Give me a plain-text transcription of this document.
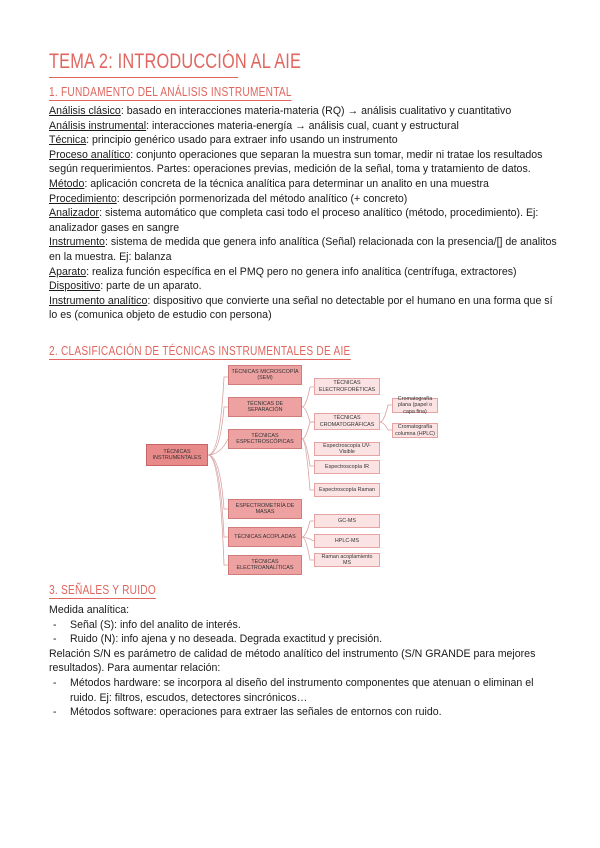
TEMA 2: INTRODUCCIÓN AL AIE
1. FUNDAMENTO DEL ANÁLISIS INSTRUMENTAL

Análisis clásico: basado en interacciones materia-materia (RQ) → análisis cualitativo y cuantitativo

Análisis instrumental: interacciones materia-energía → análisis cual, cuant y estructural

Técnica: principio genérico usado para extraer info usando un instrumento

Proceso analítico: conjunto operaciones que separan la muestra sun tomar, medir ni tratae los resultados según requerimientos. Partes: operaciones previas, medición de la señal, toma y tratamiento de datos.

Método: aplicación concreta de la técnica analítica para determinar un analito en una muestra

Procedimiento: descripción pormenorizada del método analítico (+ concreto)

Analizador: sistema automático que completa casi todo el proceso analítico (método, procedimiento). Ej: analizador gases en sangre

Instrumento: sistema de medida que genera info analítica (Señal) relacionada con la presencia/[] de analitos en la muestra. Ej: balanza

Aparato: realiza función específica en el PMQ pero no genera info analítica (centrífuga, extractores)

Dispositivo: parte de un aparato.

Instrumento analítico: dispositivo que convierte una señal no detectable por el humano en una forma que sí lo es (comunica objeto de estudio con persona)

2. CLASIFICACIÓN DE TÉCNICAS INSTRUMENTALES DE AIE
TÉCNICAS INSTRUMENTALES
TÉCNICAS MICROSCOPÍA (SEM)
TÉCNICAS DE SEPARACIÓN
TÉCNICAS ESPECTROSCÓPICAS
ESPECTROMETRÍA DE MASAS
TÉCNICAS ACOPLADAS
TÉCNICAS ELECTROANALÍTICAS
TÉCNICAS ELECTROFORÉTICAS
TÉCNICAS CROMATOGRÁFICAS
Cromatografía plana (papel o capa fina)
Cromatografía columna (HPLC)
Espectroscopía UV-Visible
Espectroscopía IR
Espectroscopía Raman
GC-MS
HPLC-MS
Raman acoplamiento MS
3. SEÑALES Y RUIDO

Medida analítica:

- Señal (S): info del analito de interés.
- Ruido (N): info ajena y no deseada. Degrada exactitud y precisión.

Relación S/N es parámetro de calidad de método analítico del instrumento (S/N GRANDE para mejores resultados). Para aumentar relación:

- Métodos hardware: se incorpora al diseño del instrumento componentes que atenuan o eliminan el ruido. Ej: filtros, escudos, detectores sincrónicos…
- Métodos software: operaciones para extraer las señales de entornos con ruido.
